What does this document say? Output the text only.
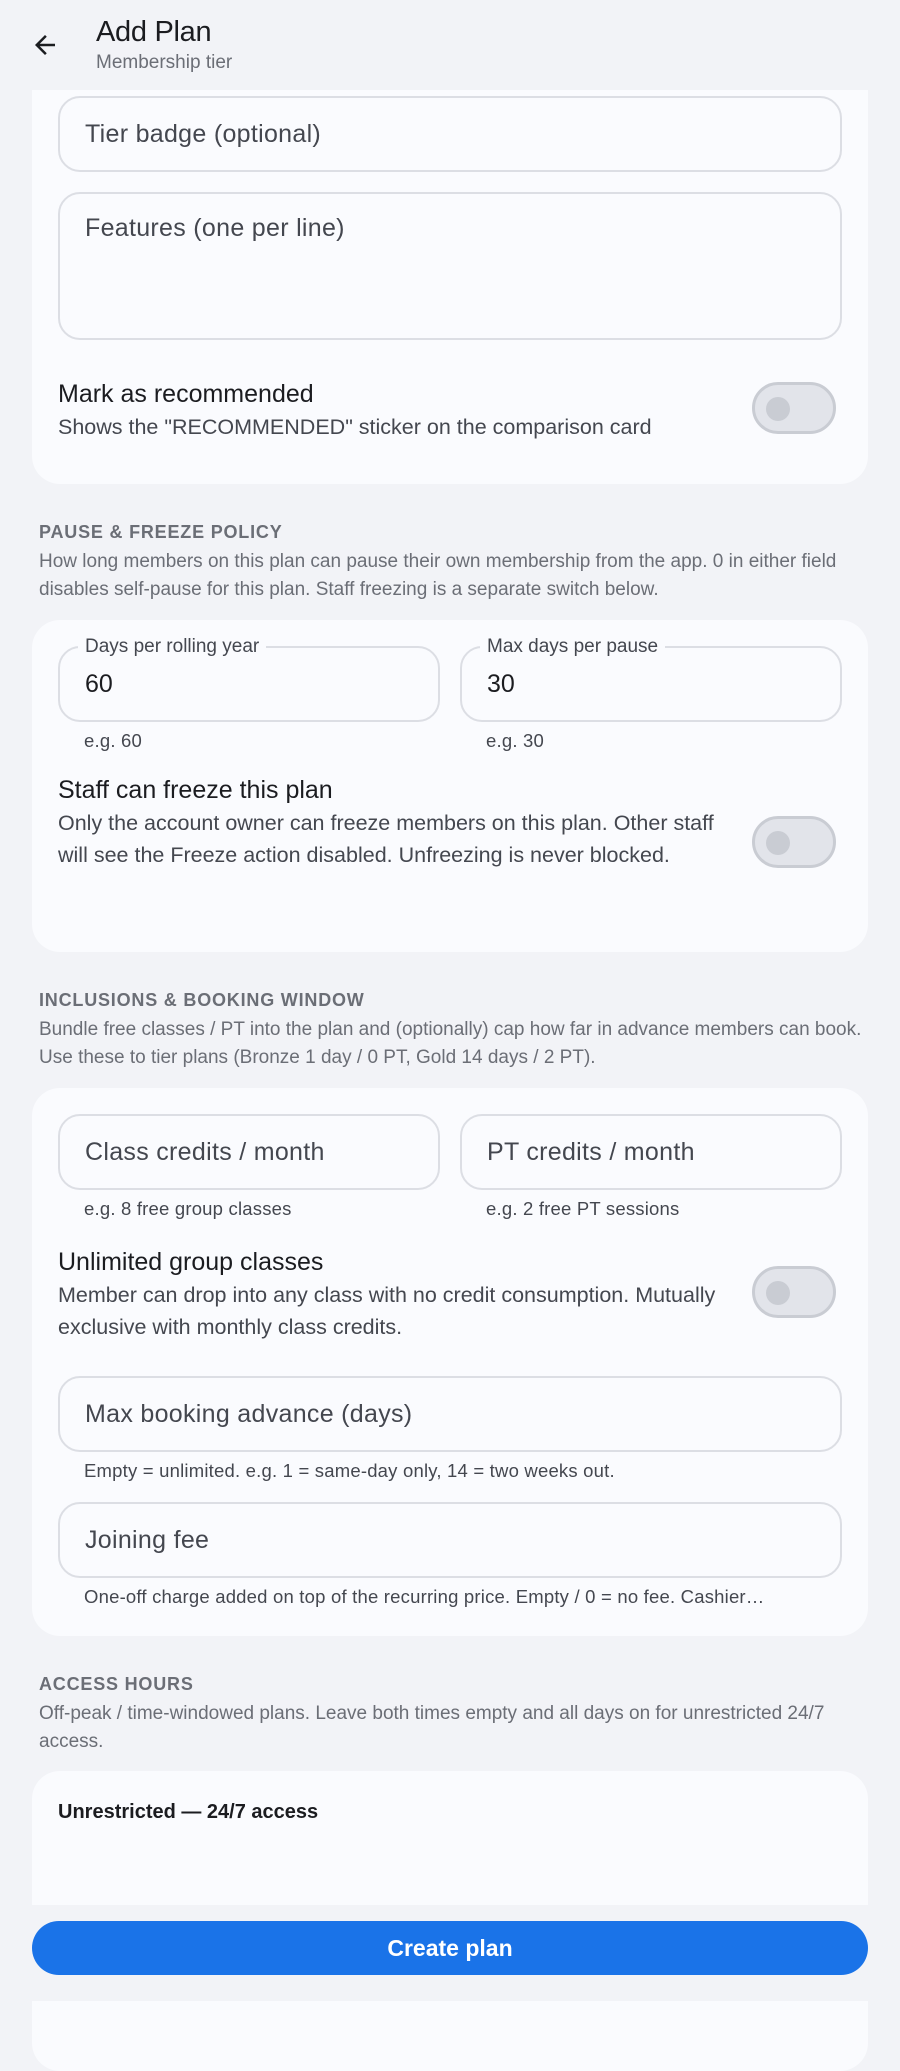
Add Plan
Membership tier
Tier badge (optional)
Features (one per line)
Mark as recommended
Shows the "RECOMMENDED" sticker on the comparison card
PAUSE & FREEZE POLICY
How long members on this plan can pause their own membership from the app. 0 in either field disables self-pause for this plan. Staff freezing is a separate switch below.
Days per rolling year
60
e.g. 60
Max days per pause
30
e.g. 30
Staff can freeze this plan
Only the account owner can freeze members on this plan. Other staff will see the Freeze action disabled. Unfreezing is never blocked.
INCLUSIONS & BOOKING WINDOW
Bundle free classes / PT into the plan and (optionally) cap how far in advance members can book. Use these to tier plans (Bronze 1 day / 0 PT, Gold 14 days / 2 PT).
Class credits / month
e.g. 8 free group classes
PT credits / month
e.g. 2 free PT sessions
Unlimited group classes
Member can drop into any class with no credit consumption. Mutually exclusive with monthly class credits.
Max booking advance (days)
Empty = unlimited. e.g. 1 = same-day only, 14 = two weeks out.
Joining fee
One-off charge added on top of the recurring price. Empty / 0 = no fee. Cashier…
ACCESS HOURS
Off-peak / time-windowed plans. Leave both times empty and all days on for unrestricted 24/7 access.
Unrestricted — 24/7 access
Create plan
